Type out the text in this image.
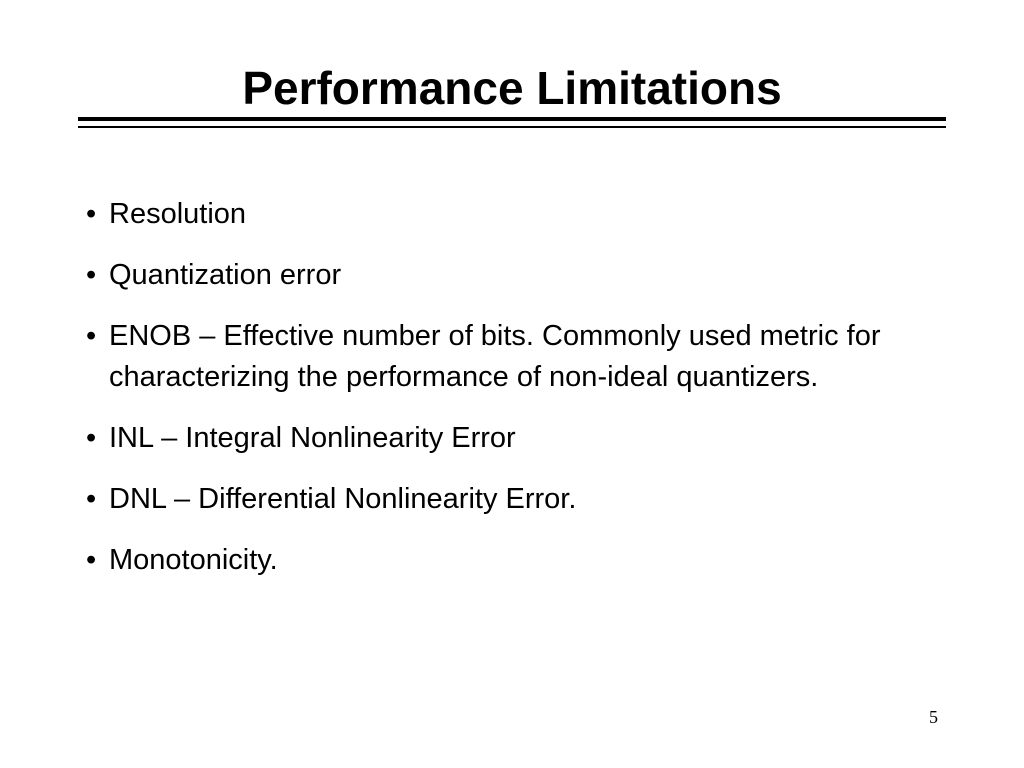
Performance Limitations
• Resolution
• Quantization error
• ENOB – Effective number of bits. Commonly used metric for characterizing the performance of non-ideal quantizers.
• INL – Integral Nonlinearity Error
• DNL – Differential Nonlinearity Error.
• Monotonicity.
5
